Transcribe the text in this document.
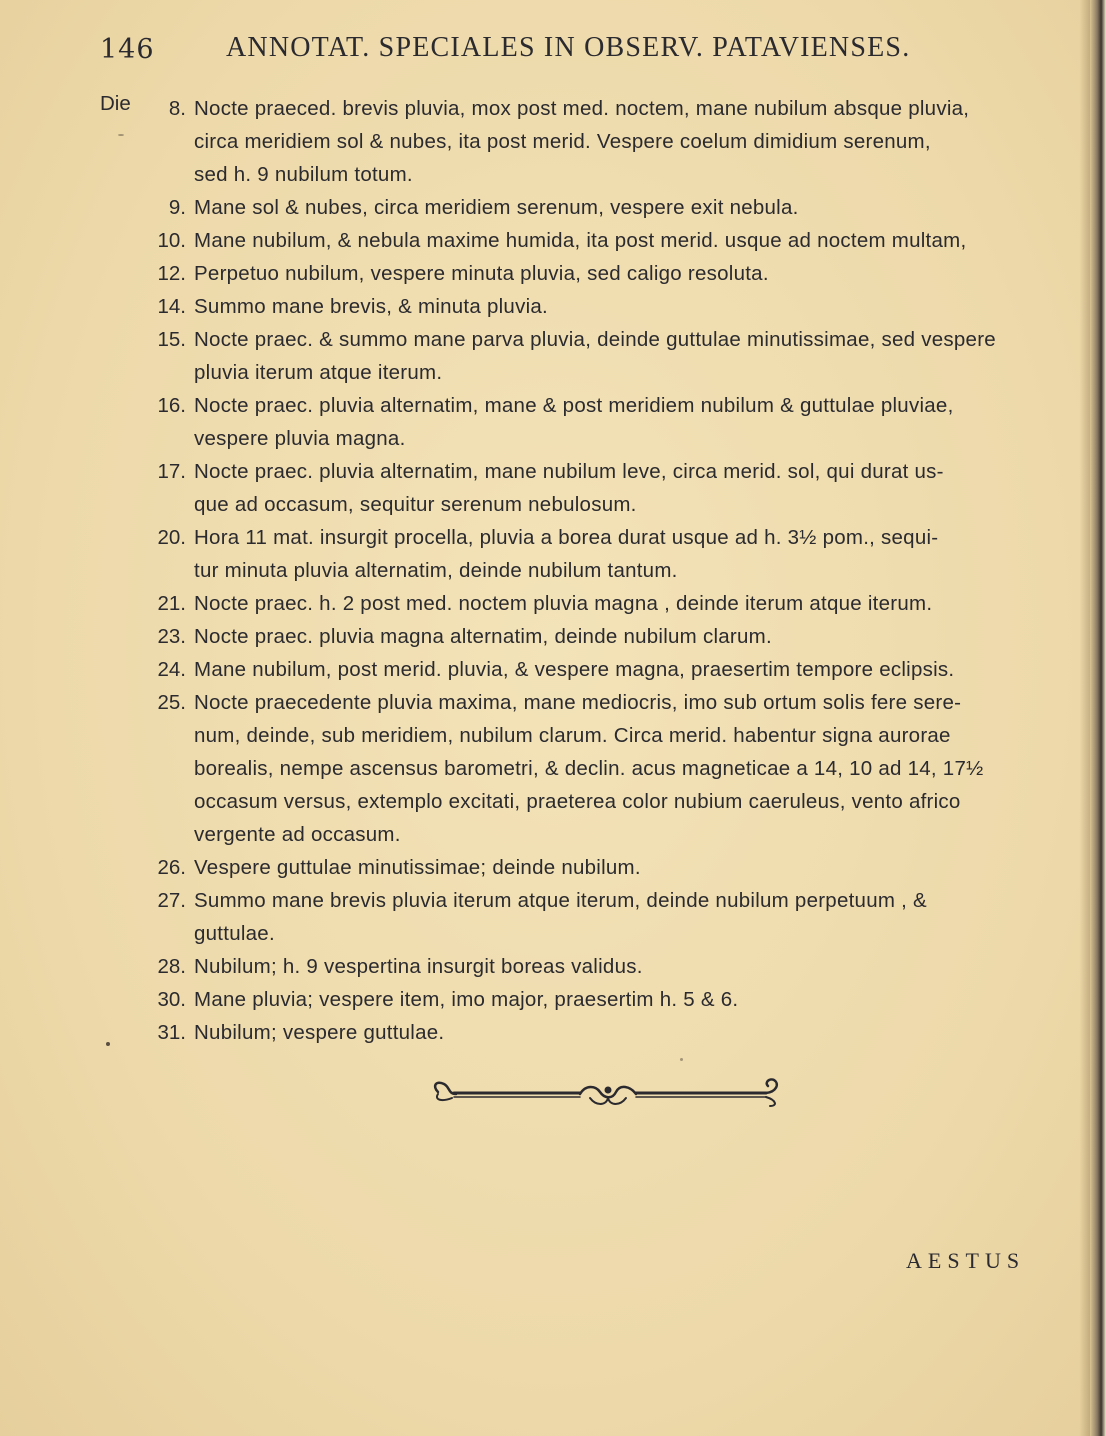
146	ANNOTAT. SPECIALES IN OBSERV. PATAVIENSES.
Die	8. Nocte praeced. brevis pluvia, mox post med. noctem, mane nubilum absque pluvia,
circa meridiem sol & nubes, ita post merid. Vespere coelum dimidium serenum,
sed h. 9 nubilum totum.
9. Mane sol & nubes, circa meridiem serenum, vespere exit nebula.
10. Mane nubilum, & nebula maxime humida, ita post merid. usque ad noctem multam,
12. Perpetuo nubilum, vespere minuta pluvia, sed caligo resoluta.
14. Summo mane brevis, & minuta pluvia.
15. Nocte praec. & summo mane parva pluvia, deinde guttulae minutissimae, sed vespere
pluvia iterum atque iterum.
16. Nocte praec. pluvia alternatim, mane & post meridiem nubilum & guttulae pluviae,
vespere pluvia magna.
17. Nocte praec. pluvia alternatim, mane nubilum leve, circa merid. sol, qui durat us-
que ad occasum, sequitur serenum nebulosum.
20. Hora 11 mat. insurgit procella, pluvia a borea durat usque ad h. 3½ pom., sequi-
tur minuta pluvia alternatim, deinde nubilum tantum.
21. Nocte praec. h. 2 post med. noctem pluvia magna , deinde iterum atque iterum.
23. Nocte praec. pluvia magna alternatim, deinde nubilum clarum.
24. Mane nubilum, post merid. pluvia, & vespere magna, praesertim tempore eclipsis.
25. Nocte praecedente pluvia maxima, mane mediocris, imo sub ortum solis fere sere-
num, deinde, sub meridiem, nubilum clarum. Circa merid. habentur signa aurorae
borealis, nempe ascensus barometri, & declin. acus magneticae a 14, 10 ad 14, 17½
occasum versus, extemplo excitati, praeterea color nubium caeruleus, vento africo
vergente ad occasum.
26. Vespere guttulae minutissimae; deinde nubilum.
27. Summo mane brevis pluvia iterum atque iterum, deinde nubilum perpetuum , &
guttulae.
28. Nubilum; h. 9 vespertina insurgit boreas validus.
30. Mane pluvia; vespere item, imo major, praesertim h. 5 & 6.
31. Nubilum; vespere guttulae.
AESTUS
